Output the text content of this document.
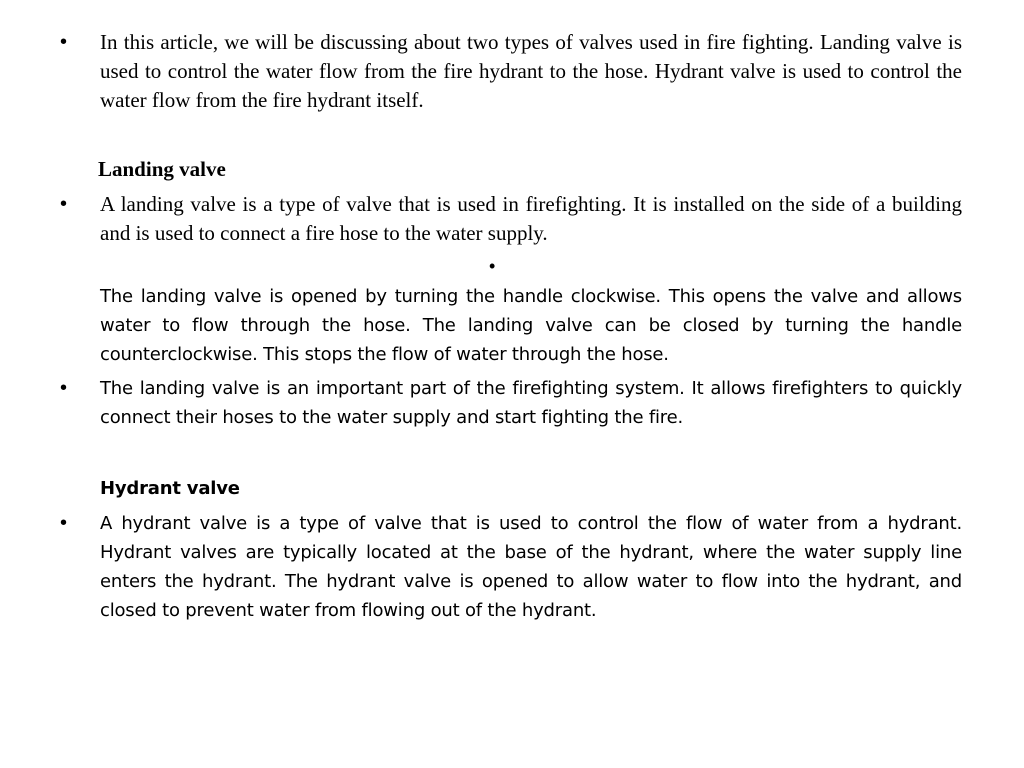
• In this article, we will be discussing about two types of valves used in fire fighting. Landing valve is used to control the water flow from the fire hydrant to the hose. Hydrant valve is used to control the water flow from the fire hydrant itself.

Landing valve
• A landing valve is a type of valve that is used in firefighting. It is installed on the side of a building and is used to connect a fire hose to the water supply.

•

The landing valve is opened by turning the handle clockwise. This opens the valve and allows water to flow through the hose. The landing valve can be closed by turning the handle counterclockwise. This stops the flow of water through the hose.

• The landing valve is an important part of the firefighting system. It allows firefighters to quickly connect their hoses to the water supply and start fighting the fire.

Hydrant valve
• A hydrant valve is a type of valve that is used to control the flow of water from a hydrant. Hydrant valves are typically located at the base of the hydrant, where the water supply line enters the hydrant. The hydrant valve is opened to allow water to flow into the hydrant, and closed to prevent water from flowing out of the hydrant.
